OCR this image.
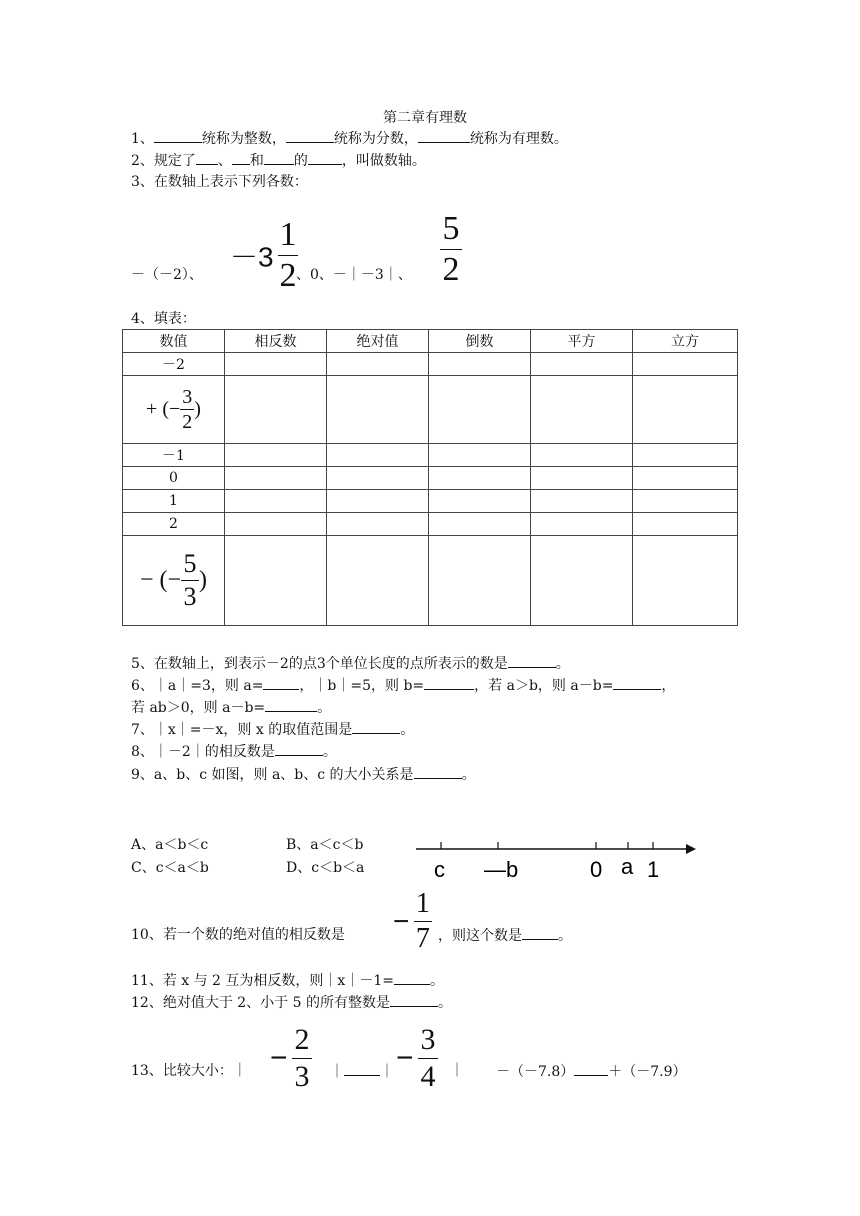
第二章有理数
1、	统称为整数，	统称为分数，	统称为有理数。
2、规定了 、 和 的 ，叫做数轴。
3、在数轴上表示下列各数：
－（－2）、
$-3 \frac{1}{2}$
、0、－｜－3｜、 $\frac{5}{2}$
4、填表：
数值	相反数	绝对值	倒数	平方	立方
－2					
+ (− $\frac{3}{2}$ )					
－1					
0					
1					
2					
− (− $\frac{5}{3}$ )					
5、在数轴上，到表示－2的点3个单位长度的点所表示的数是	。
6、｜a｜=3，则 a=	，｜b｜=5，则 b=	，若 a＞b，则 a－b=	，
若 ab＞0，则 a－b=	。
7、｜x｜=－x，则 x 的取值范围是	。
8、｜－2｜的相反数是	。
9、a、b、c 如图，则 a、b、c 的大小关系是	。
A、a＜b＜c	B、a＜c＜b
C、c＜a＜b	D、c＜b＜a	c —b	0 a 1
10、若一个数的绝对值的相反数是 − $\frac{1}{7}$ ，则这个数是	。
11、若 x 与 2 互为相反数，则｜x｜－1=	。
12、绝对值大于 2、小于 5 的所有整数是	。
13、比较大小：｜ − $\frac{2}{3}$ ｜	｜ − $\frac{3}{4}$ ｜ －（－7.8） ＋（－7.9）
